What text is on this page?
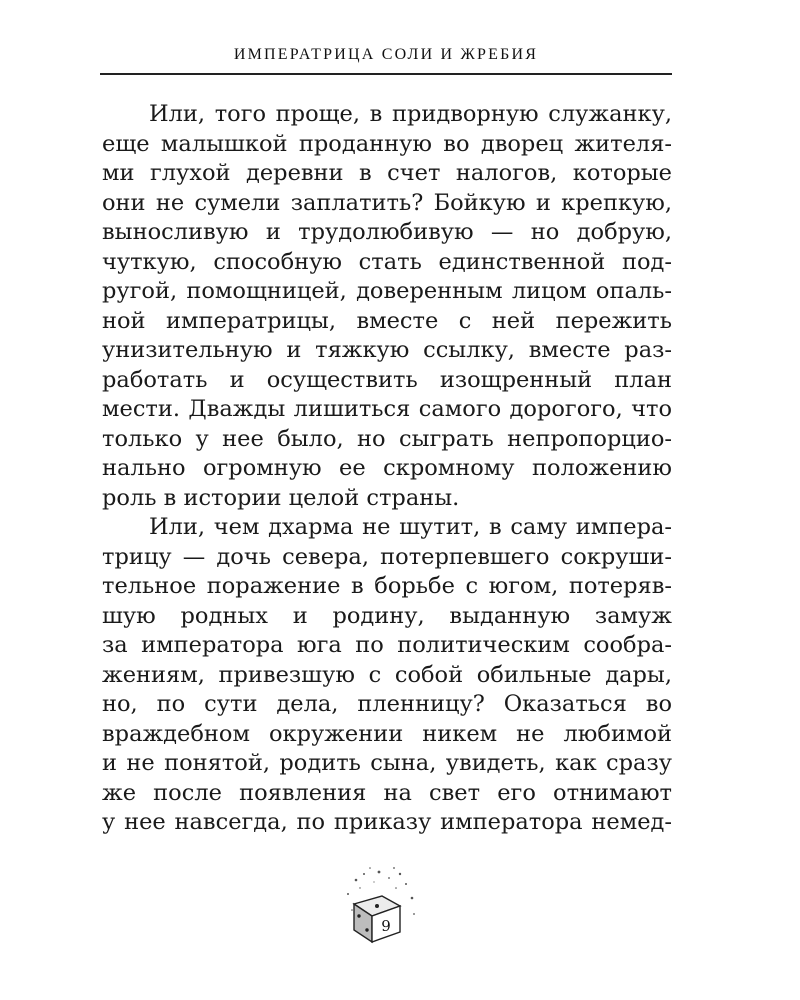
ИМПЕРАТРИЦА СОЛИ И ЖРЕБИЯ
Или, того проще, в придворную служанку,
еще малышкой проданную во дворец жителя-
ми глухой деревни в счет налогов, которые
они не сумели заплатить? Бойкую и крепкую,
выносливую и трудолюбивую — но добрую,
чуткую, способную стать единственной под-
ругой, помощницей, доверенным лицом опаль-
ной императрицы, вместе с ней пережить
унизительную и тяжкую ссылку, вместе раз-
работать и осуществить изощренный план
мести. Дважды лишиться самого дорогого, что
только у нее было, но сыграть непропорцио-
нально огромную ее скромному положению
роль в истории целой страны.
Или, чем дхарма не шутит, в саму импера-
трицу — дочь севера, потерпевшего сокруши-
тельное поражение в борьбе с югом, потеряв-
шую родных и родину, выданную замуж
за императора юга по политическим сообра-
жениям, привезшую с собой обильные дары,
но, по сути дела, пленницу? Оказаться во
враждебном окружении никем не любимой
и не понятой, родить сына, увидеть, как сразу
же после появления на свет его отнимают
у нее навсегда, по приказу императора немед-
9
